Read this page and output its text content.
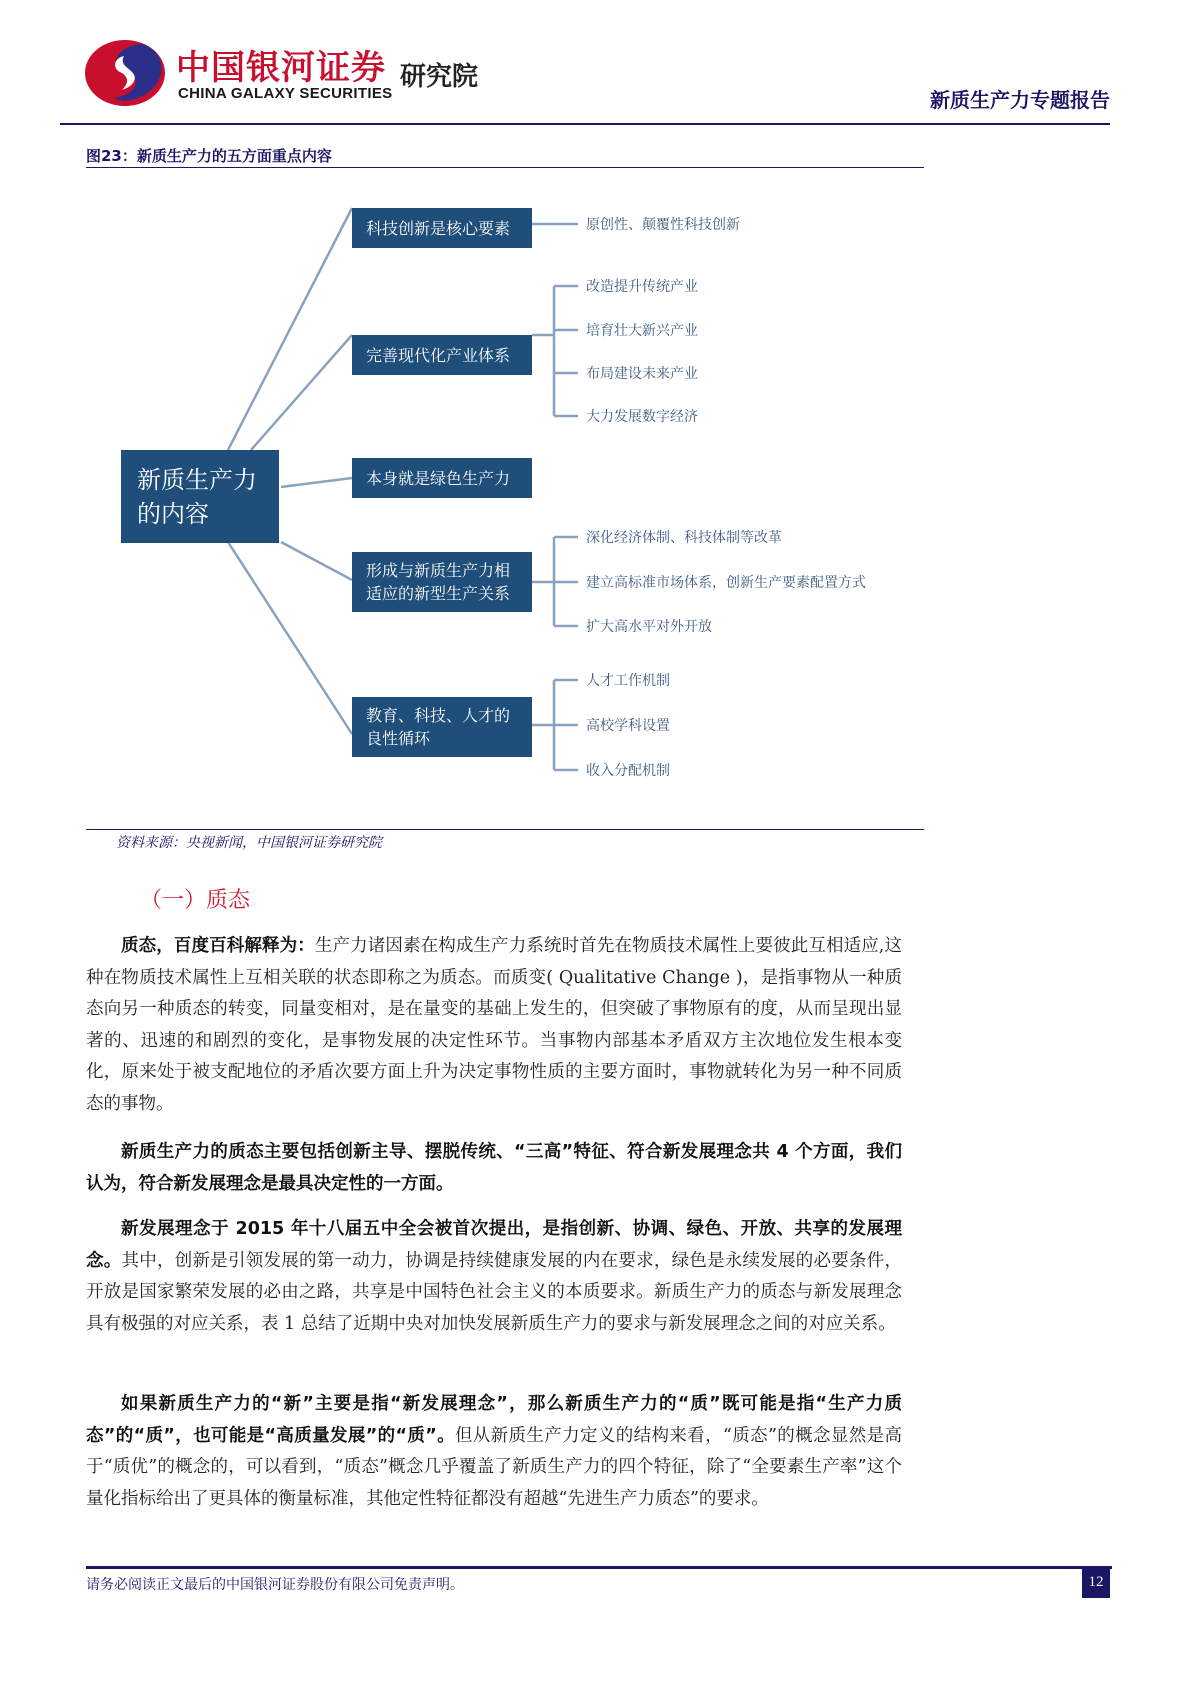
中国银河证券
CHINA GALAXY SECURITIES
研究院
新质生产力专题报告
图23：新质生产力的五方面重点内容
新质生产力
的内容
科技创新是核心要素
完善现代化产业体系
本身就是绿色生产力
形成与新质生产力相
适应的新型生产关系
教育、科技、人才的
良性循环
原创性、颠覆性科技创新
改造提升传统产业
培育壮大新兴产业
布局建设未来产业
大力发展数字经济
深化经济体制、科技体制等改革
建立高标准市场体系，创新生产要素配置方式
扩大高水平对外开放
人才工作机制
高校学科设置
收入分配机制
资料来源：央视新闻，中国银河证券研究院
（一）质态
质态，百度百科解释为：生产力诸因素在构成生产力系统时首先在物质技术属性上要彼此互相适应,这种在物质技术属性上互相关联的状态即称之为质态。而质变( Qualitative Change )，是指事物从一种质态向另一种质态的转变，同量变相对，是在量变的基础上发生的，但突破了事物原有的度，从而呈现出显著的、迅速的和剧烈的变化，是事物发展的决定性环节。当事物内部基本矛盾双方主次地位发生根本变化，原来处于被支配地位的矛盾次要方面上升为决定事物性质的主要方面时，事物就转化为另一种不同质态的事物。
新质生产力的质态主要包括创新主导、摆脱传统、“三高”特征、符合新发展理念共 4 个方面，我们认为，符合新发展理念是最具决定性的一方面。
新发展理念于 2015 年十八届五中全会被首次提出，是指创新、协调、绿色、开放、共享的发展理念。其中，创新是引领发展的第一动力，协调是持续健康发展的内在要求，绿色是永续发展的必要条件，开放是国家繁荣发展的必由之路，共享是中国特色社会主义的本质要求。新质生产力的质态与新发展理念具有极强的对应关系，表 1 总结了近期中央对加快发展新质生产力的要求与新发展理念之间的对应关系。
如果新质生产力的“新”主要是指“新发展理念”，那么新质生产力的“质”既可能是指“生产力质态”的“质”，也可能是“高质量发展”的“质”。但从新质生产力定义的结构来看，“质态”的概念显然是高于“质优”的概念的，可以看到，“质态”概念几乎覆盖了新质生产力的四个特征，除了“全要素生产率”这个量化指标给出了更具体的衡量标准，其他定性特征都没有超越“先进生产力质态”的要求。
请务必阅读正文最后的中国银河证券股份有限公司免责声明。	12
